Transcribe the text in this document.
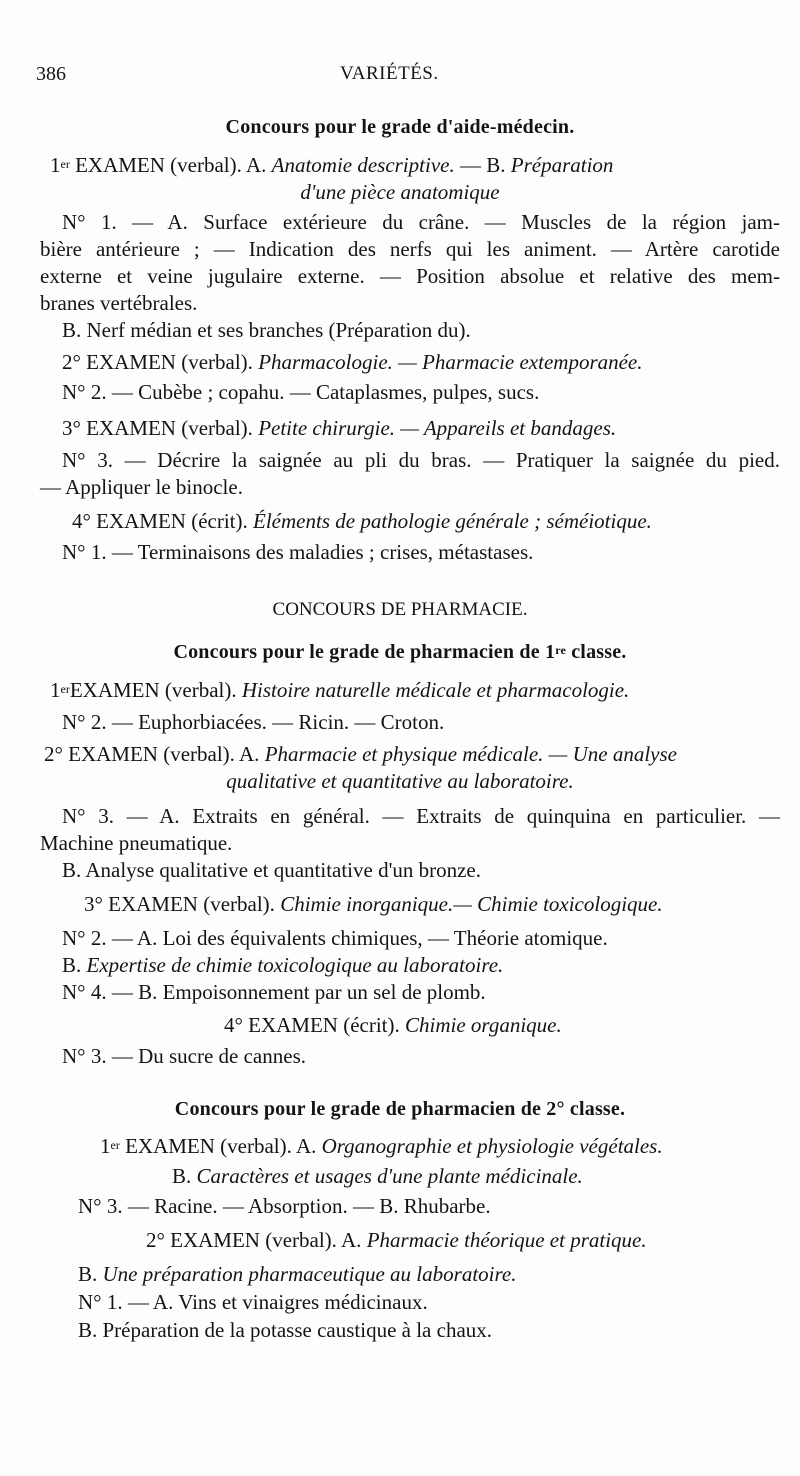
386	VARIÉTÉS.
Concours pour le grade d'aide-médecin.
1er EXAMEN (verbal). A. Anatomie descriptive. — B. Préparation
d'une pièce anatomique
N° 1. — A. Surface extérieure du crâne. — Muscles de la région jam-
bière antérieure ; — Indication des nerfs qui les animent. — Artère carotide
externe et veine jugulaire externe. — Position absolue et relative des mem-
branes vertébrales.
B. Nerf médian et ses branches (Préparation du).
2° EXAMEN (verbal). Pharmacologie. — Pharmacie extemporanée.
N° 2. — Cubèbe ; copahu. — Cataplasmes, pulpes, sucs.
3° EXAMEN (verbal). Petite chirurgie. — Appareils et bandages.
N° 3. — Décrire la saignée au pli du bras. — Pratiquer la saignée du pied.
— Appliquer le binocle.
4° EXAMEN (écrit). Éléments de pathologie générale ; séméiotique.
N° 1. — Terminaisons des maladies ; crises, métastases.
CONCOURS DE PHARMACIE.
Concours pour le grade de pharmacien de 1re classe.
1erEXAMEN (verbal). Histoire naturelle médicale et pharmacologie.
N° 2. — Euphorbiacées. — Ricin. — Croton.
2° EXAMEN (verbal). A. Pharmacie et physique médicale. — Une analyse
qualitative et quantitative au laboratoire.
N° 3. — A. Extraits en général. — Extraits de quinquina en particulier. —
Machine pneumatique.
B. Analyse qualitative et quantitative d'un bronze.
3° EXAMEN (verbal). Chimie inorganique.— Chimie toxicologique.
N° 2. — A. Loi des équivalents chimiques, — Théorie atomique.
B. Expertise de chimie toxicologique au laboratoire.
N° 4. — B. Empoisonnement par un sel de plomb.
4° EXAMEN (écrit). Chimie organique.
N° 3. — Du sucre de cannes.
Concours pour le grade de pharmacien de 2° classe.
1er EXAMEN (verbal). A. Organographie et physiologie végétales.
B. Caractères et usages d'une plante médicinale.
N° 3. — Racine. — Absorption. — B. Rhubarbe.
2° EXAMEN (verbal). A. Pharmacie théorique et pratique.
B. Une préparation pharmaceutique au laboratoire.
N° 1. — A. Vins et vinaigres médicinaux.
B. Préparation de la potasse caustique à la chaux.
